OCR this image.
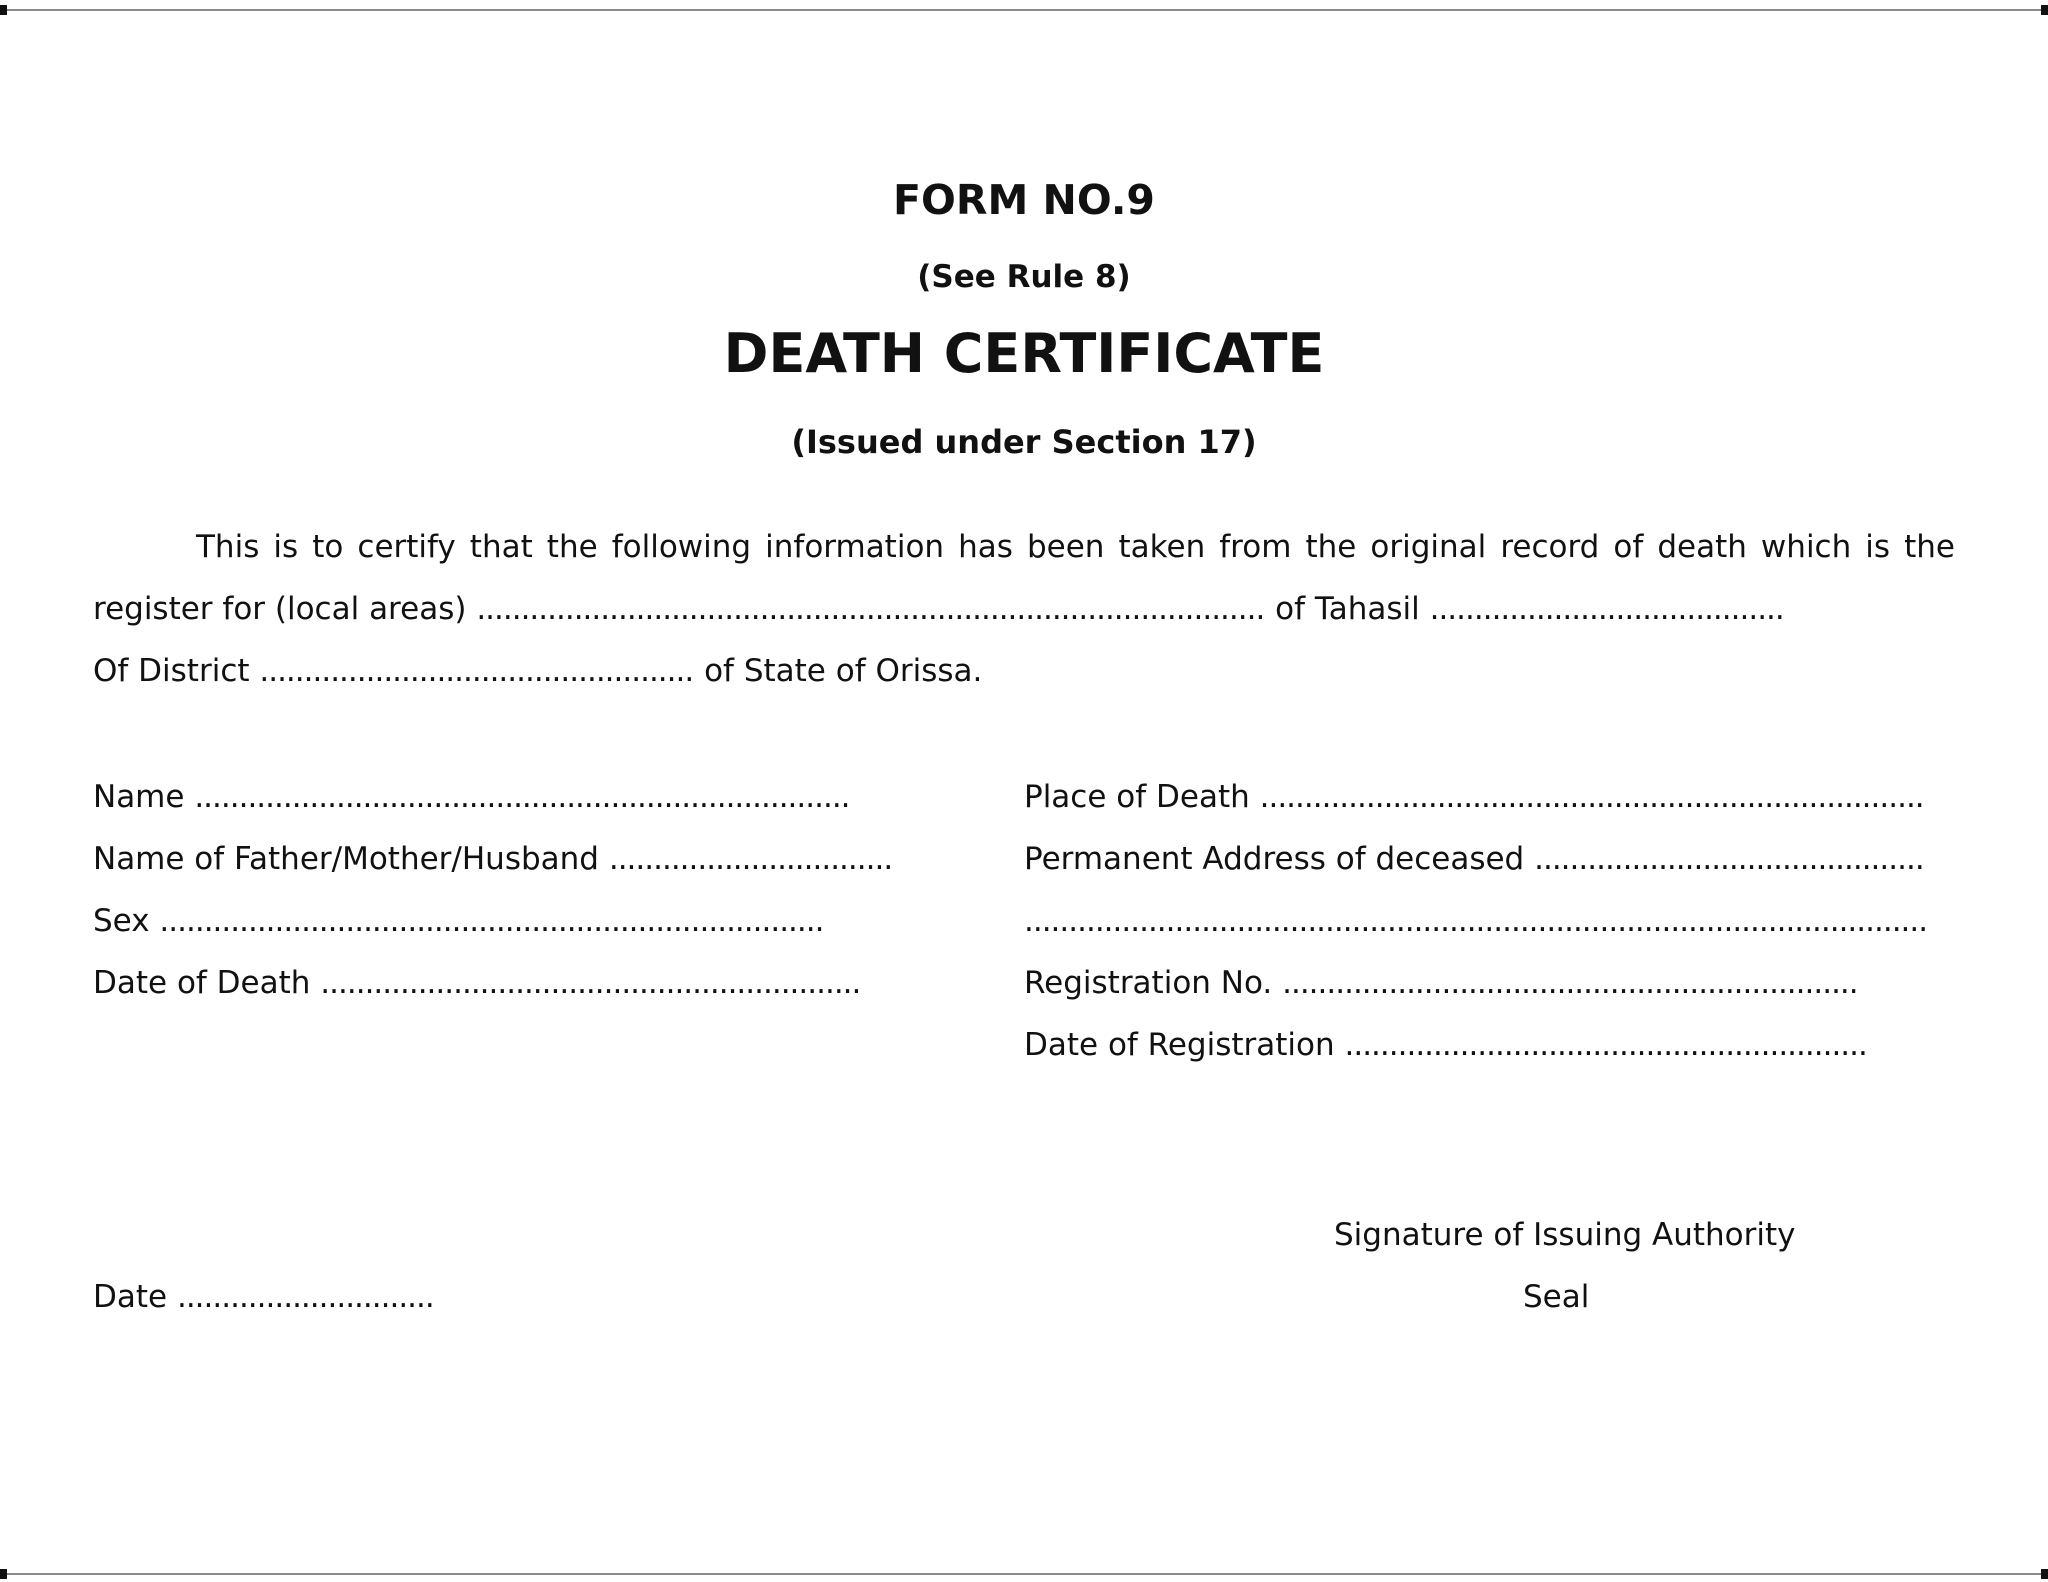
FORM NO.9
(See Rule 8)
DEATH CERTIFICATE
(Issued under Section 17)
This is to certify that the following information has been taken from the original record of death which is the
register for (local areas) ......................................................................................... of Tahasil ........................................
Of District ................................................. of State of Orissa.
Name ..........................................................................
Name of Father/Mother/Husband ................................
Sex ...........................................................................
Date of Death .............................................................
Place of Death ...........................................................................
Permanent Address of deceased ............................................
......................................................................................................
Registration No. .................................................................
Date of Registration ...........................................................
Signature of Issuing Authority
Seal
Date .............................
